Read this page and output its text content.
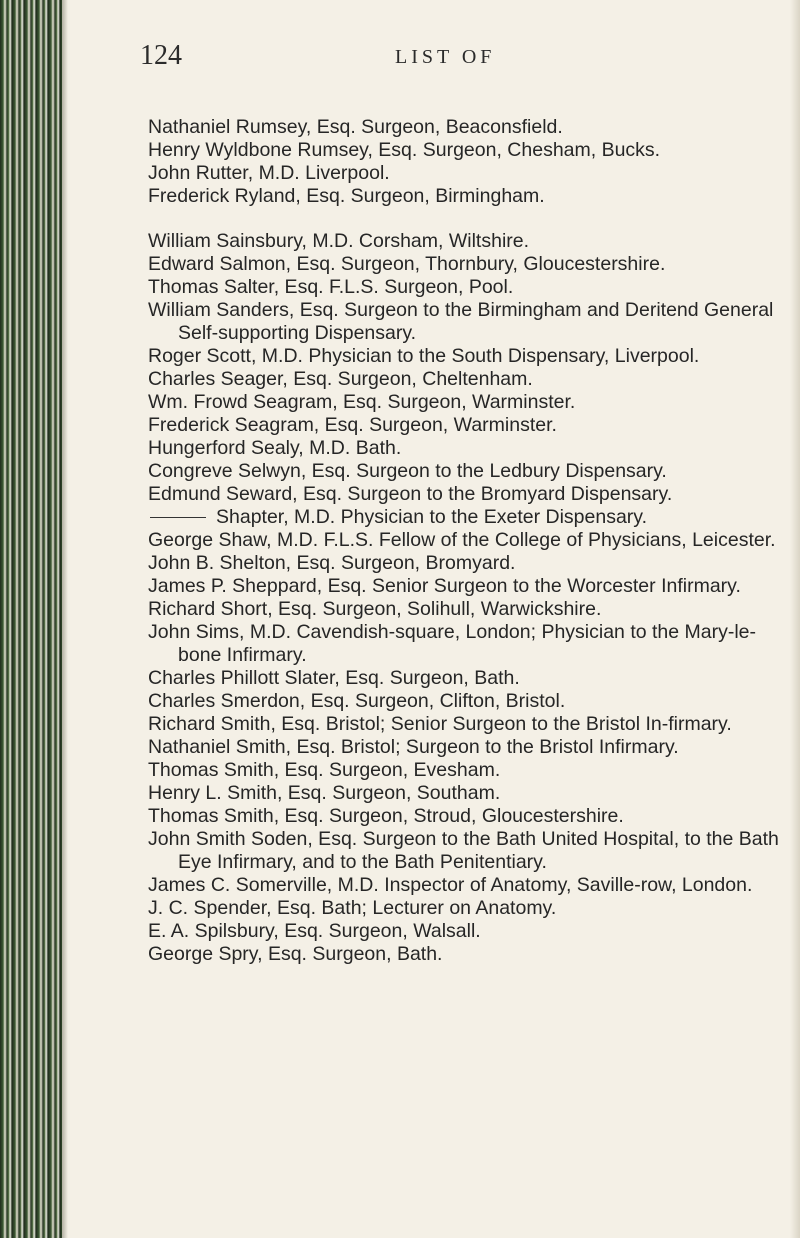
124	LIST OF
Nathaniel Rumsey, Esq. Surgeon, Beaconsfield.
Henry Wyldbone Rumsey, Esq. Surgeon, Chesham, Bucks.
John Rutter, M.D. Liverpool.
Frederick Ryland, Esq. Surgeon, Birmingham.
William Sainsbury, M.D. Corsham, Wiltshire.
Edward Salmon, Esq. Surgeon, Thornbury, Gloucestershire.
Thomas Salter, Esq. F.L.S. Surgeon, Pool.
William Sanders, Esq. Surgeon to the Birmingham and Deritend General Self-supporting Dispensary.
Roger Scott, M.D. Physician to the South Dispensary, Liverpool.
Charles Seager, Esq. Surgeon, Cheltenham.
Wm. Frowd Seagram, Esq. Surgeon, Warminster.
Frederick Seagram, Esq. Surgeon, Warminster.
Hungerford Sealy, M.D. Bath.
Congreve Selwyn, Esq. Surgeon to the Ledbury Dispensary.
Edmund Seward, Esq. Surgeon to the Bromyard Dispensary.
Shapter, M.D. Physician to the Exeter Dispensary.
George Shaw, M.D. F.L.S. Fellow of the College of Physicians, Leicester.
John B. Shelton, Esq. Surgeon, Bromyard.
James P. Sheppard, Esq. Senior Surgeon to the Worcester Infirmary.
Richard Short, Esq. Surgeon, Solihull, Warwickshire.
John Sims, M.D. Cavendish-square, London; Physician to the Mary-le-bone Infirmary.
Charles Phillott Slater, Esq. Surgeon, Bath.
Charles Smerdon, Esq. Surgeon, Clifton, Bristol.
Richard Smith, Esq. Bristol; Senior Surgeon to the Bristol In-firmary.
Nathaniel Smith, Esq. Bristol; Surgeon to the Bristol Infirmary.
Thomas Smith, Esq. Surgeon, Evesham.
Henry L. Smith, Esq. Surgeon, Southam.
Thomas Smith, Esq. Surgeon, Stroud, Gloucestershire.
John Smith Soden, Esq. Surgeon to the Bath United Hospital, to the Bath Eye Infirmary, and to the Bath Penitentiary.
James C. Somerville, M.D. Inspector of Anatomy, Saville-row, London.
J. C. Spender, Esq. Bath; Lecturer on Anatomy.
E. A. Spilsbury, Esq. Surgeon, Walsall.
George Spry, Esq. Surgeon, Bath.
